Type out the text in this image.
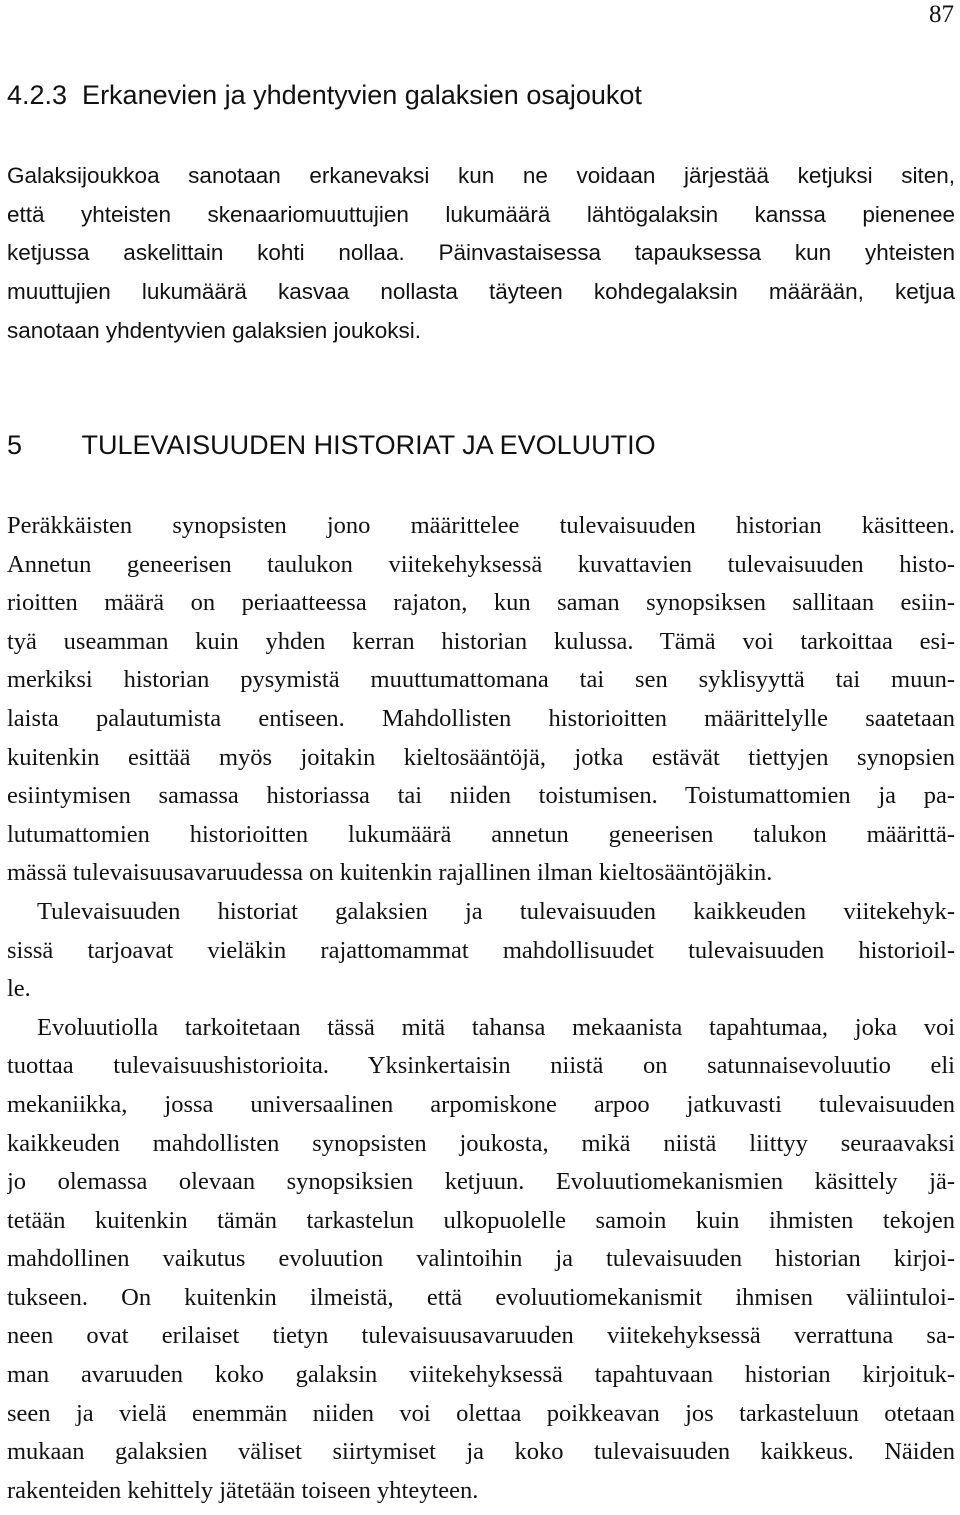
87
4.2.3  Erkanevien ja yhdentyvien galaksien osajoukot
Galaksijoukkoa sanotaan erkanevaksi kun ne voidaan järjestää ketjuksi siten,
että yhteisten skenaariomuuttujien lukumäärä lähtögalaksin kanssa pienenee
ketjussa askelittain kohti nollaa. Päinvastaisessa tapauksessa kun yhteisten
muuttujien lukumäärä kasvaa nollasta täyteen kohdegalaksin määrään, ketjua
sanotaan yhdentyvien galaksien joukoksi.
5        TULEVAISUUDEN HISTORIAT JA EVOLUUTIO
Peräkkäisten synopsisten jono määrittelee tulevaisuuden historian käsitteen.
Annetun geneerisen taulukon viitekehyksessä kuvattavien tulevaisuuden histo-
rioitten määrä on periaatteessa rajaton, kun saman synopsiksen sallitaan esiin-
tyä useamman kuin yhden kerran historian kulussa. Tämä voi tarkoittaa esi-
merkiksi historian pysymistä muuttumattomana tai sen syklisyyttä tai muun-
laista palautumista entiseen. Mahdollisten historioitten määrittelylle saatetaan
kuitenkin esittää myös joitakin kieltosääntöjä, jotka estävät tiettyjen synopsien
esiintymisen samassa historiassa tai niiden toistumisen. Toistumattomien ja pa-
lutumattomien historioitten lukumäärä annetun geneerisen talukon määrittä-
mässä tulevaisuusavaruudessa on kuitenkin rajallinen ilman kieltosääntöjäkin.
Tulevaisuuden historiat galaksien ja tulevaisuuden kaikkeuden viitekehyk-
sissä tarjoavat vieläkin rajattomammat mahdollisuudet tulevaisuuden historioil-
le.
Evoluutiolla tarkoitetaan tässä mitä tahansa mekaanista tapahtumaa, joka voi
tuottaa tulevaisuushistorioita. Yksinkertaisin niistä on satunnaisevoluutio eli
mekaniikka, jossa universaalinen arpomiskone arpoo jatkuvasti tulevaisuuden
kaikkeuden mahdollisten synopsisten joukosta, mikä niistä liittyy seuraavaksi
jo olemassa olevaan synopsiksien ketjuun. Evoluutiomekanismien käsittely jä-
tetään kuitenkin tämän tarkastelun ulkopuolelle samoin kuin ihmisten tekojen
mahdollinen vaikutus evoluution valintoihin ja tulevaisuuden historian kirjoi-
tukseen. On kuitenkin ilmeistä, että evoluutiomekanismit ihmisen väliintuloi-
neen ovat erilaiset tietyn tulevaisuusavaruuden viitekehyksessä verrattuna sa-
man avaruuden koko galaksin viitekehyksessä tapahtuvaan historian kirjoituk-
seen ja vielä enemmän niiden voi olettaa poikkeavan jos tarkasteluun otetaan
mukaan galaksien väliset siirtymiset ja koko tulevaisuuden kaikkeus. Näiden
rakenteiden kehittely jätetään toiseen yhteyteen.
